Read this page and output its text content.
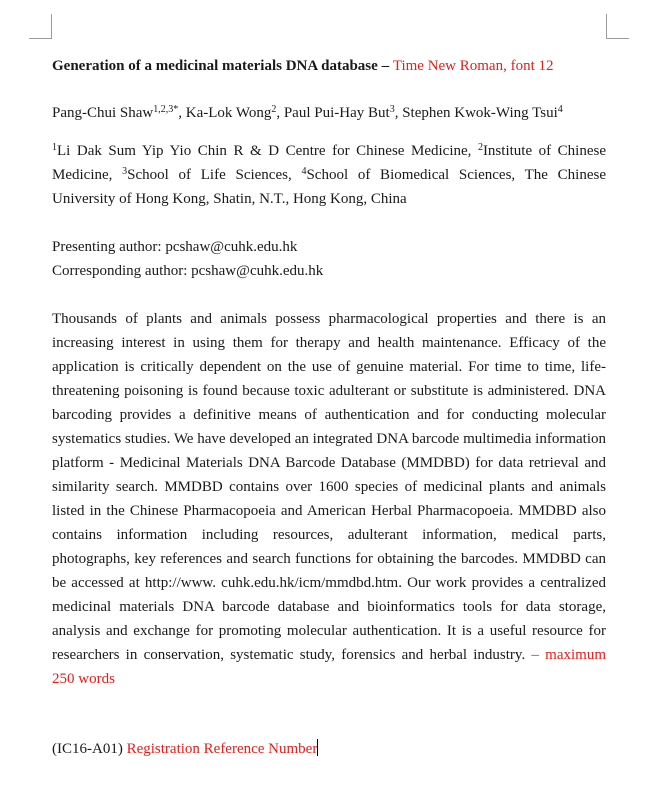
Generation of a medicinal materials DNA database – Time New Roman, font 12

Pang-Chui Shaw$^{1,2,3*}$, Ka-Lok Wong$^2$, Paul Pui-Hay But$^3$, Stephen Kwok-Wing Tsui$^4$

$^1$Li Dak Sum Yip Yio Chin R & D Centre for Chinese Medicine, $^2$Institute of Chinese Medicine, $^3$School of Life Sciences, $^4$School of Biomedical Sciences, The Chinese University of Hong Kong, Shatin, N.T., Hong Kong, China

Presenting author: pcshaw@cuhk.edu.hk

Corresponding author: pcshaw@cuhk.edu.hk

Thousands of plants and animals possess pharmacological properties and there is an increasing interest in using them for therapy and health maintenance. Efficacy of the application is critically dependent on the use of genuine material. For time to time, life-threatening poisoning is found because toxic adulterant or substitute is administered. DNA barcoding provides a definitive means of authentication and for conducting molecular systematics studies. We have developed an integrated DNA barcode multimedia information platform - Medicinal Materials DNA Barcode Database (MMDBD) for data retrieval and similarity search. MMDBD contains over 1600 species of medicinal plants and animals listed in the Chinese Pharmacopoeia and American Herbal Pharmacopoeia. MMDBD also contains information including resources, adulterant information, medical parts, photographs, key references and search functions for obtaining the barcodes. MMDBD can be accessed at http://www. cuhk.edu.hk/icm/mmdbd.htm. Our work provides a centralized medicinal materials DNA barcode database and bioinformatics tools for data storage, analysis and exchange for promoting molecular authentication. It is a useful resource for researchers in conservation, systematic study, forensics and herbal industry. – maximum 250 words

(IC16-A01) Registration Reference Number
